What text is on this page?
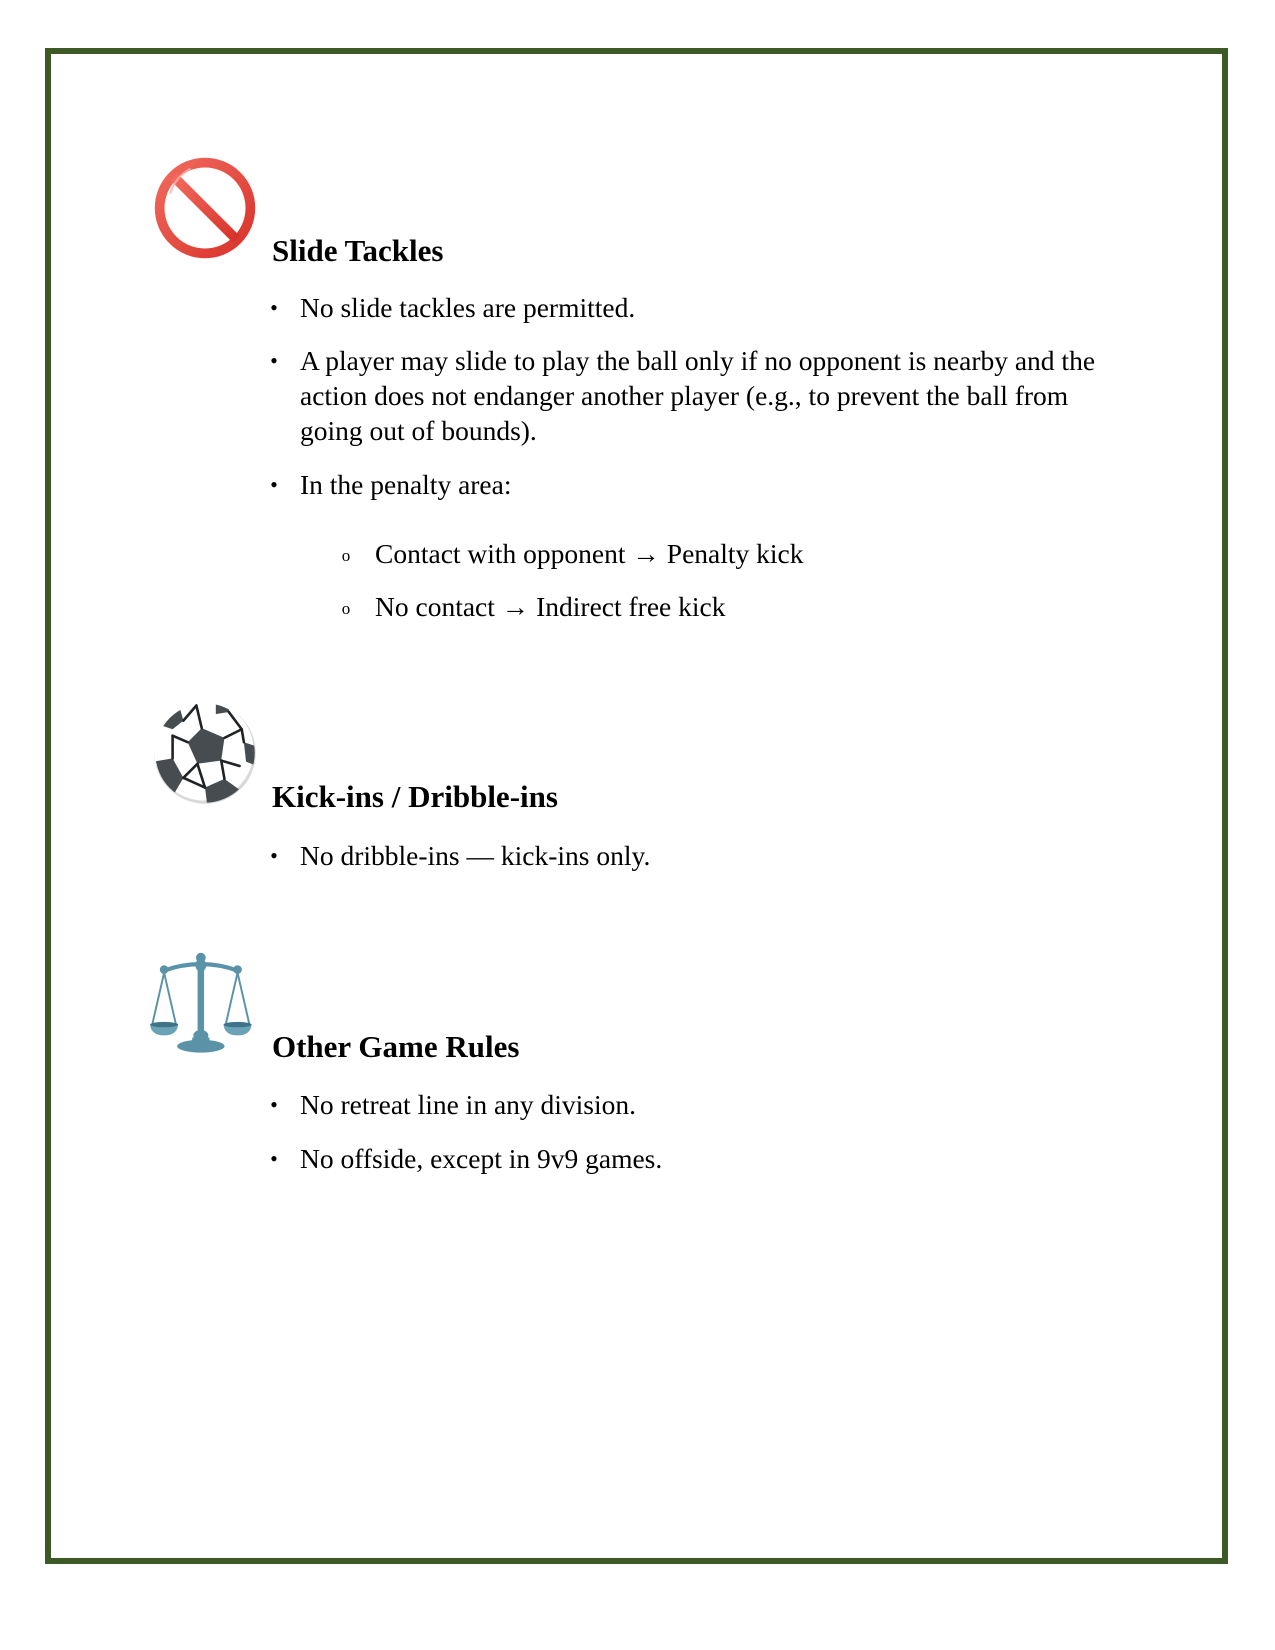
Slide Tackles
• No slide tackles are permitted.
• A player may slide to play the ball only if no opponent is nearby and the action does not endanger another player (e.g., to prevent the ball from going out of bounds).
• In the penalty area:
o Contact with opponent → Penalty kick
o No contact → Indirect free kick
Kick-ins / Dribble-ins
• No dribble-ins — kick-ins only.
Other Game Rules
• No retreat line in any division.
• No offside, except in 9v9 games.
